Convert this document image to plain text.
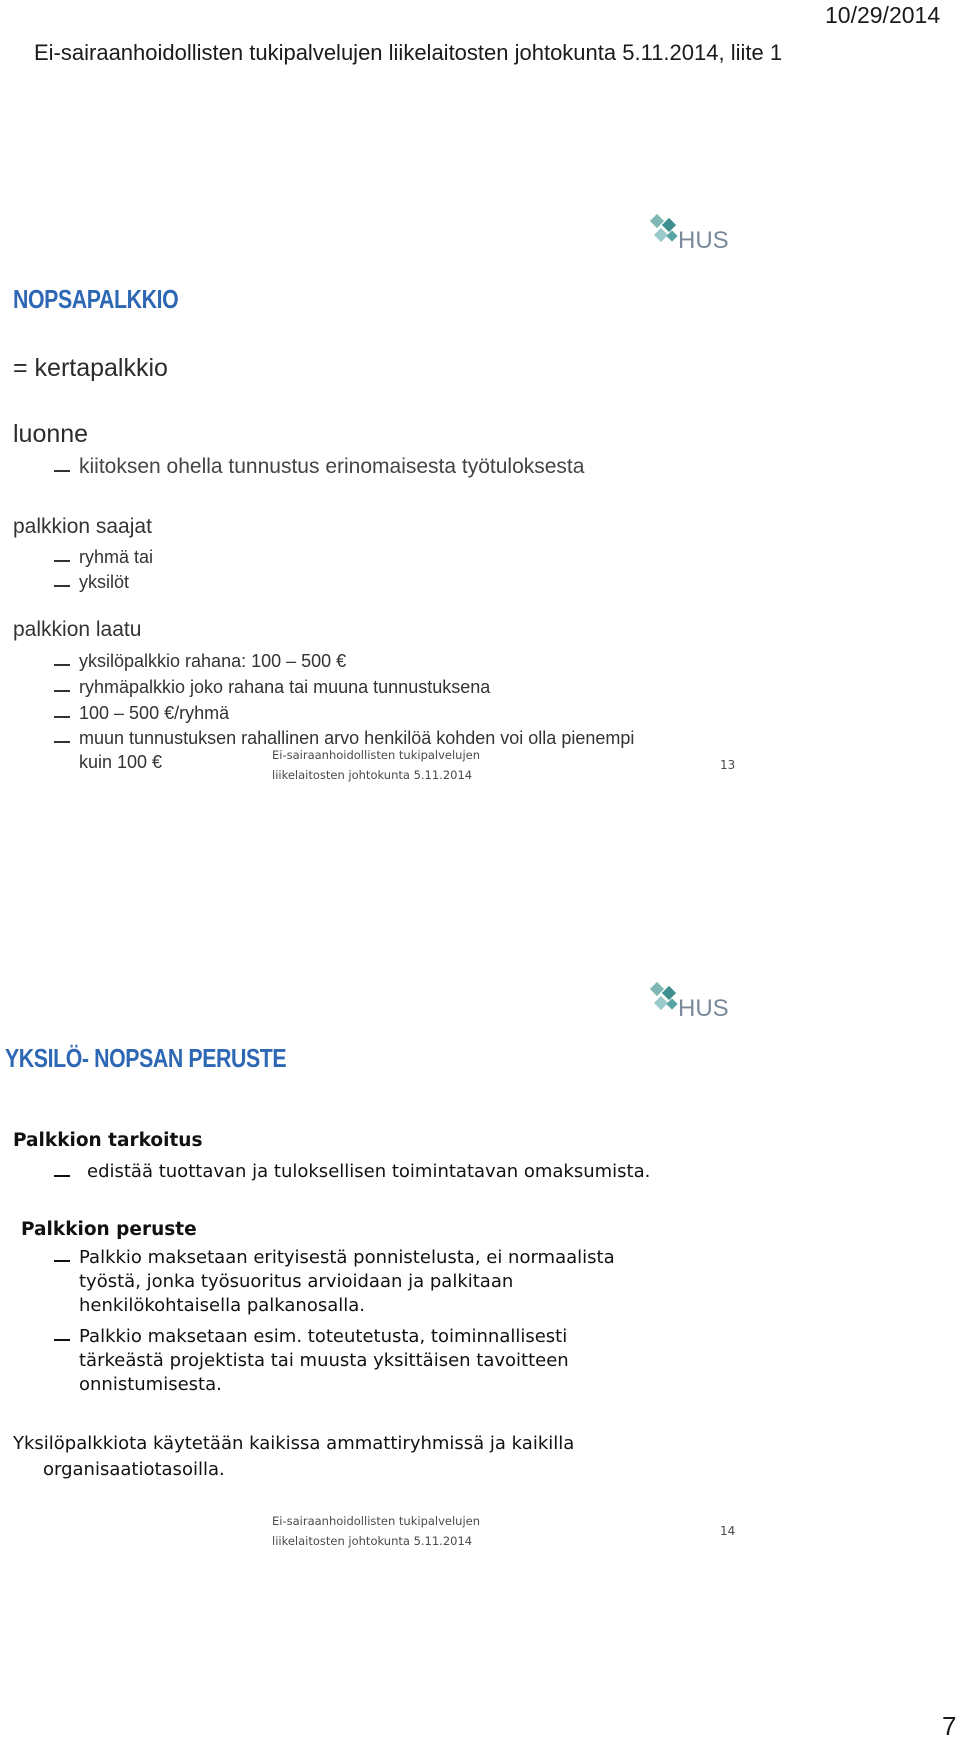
10/29/2014
Ei-sairaanhoidollisten tukipalvelujen liikelaitosten johtokunta 5.11.2014, liite 1
HUS
NOPSAPALKKIO
= kertapalkkio
luonne
kiitoksen ohella tunnustus erinomaisesta työtuloksesta
palkkion saajat
ryhmä tai
yksilöt
palkkion laatu
yksilöpalkkio rahana: 100 – 500 €
ryhmäpalkkio joko rahana tai muuna tunnustuksena
100 – 500 €/ryhmä
muun tunnustuksen rahallinen arvo henkilöä kohden voi olla pienempi
kuin 100 €	Ei-sairaanhoidollisten tukipalvelujen
liikelaitosten johtokunta 5.11.2014
13
HUS
YKSILÖ- NOPSAN PERUSTE
Palkkion tarkoitus
edistää tuottavan ja tuloksellisen toimintatavan omaksumista.
Palkkion peruste
Palkkio maksetaan erityisestä ponnistelusta, ei normaalista
työstä, jonka työsuoritus arvioidaan ja palkitaan
henkilökohtaisella palkanosalla.
Palkkio maksetaan esim. toteutetusta, toiminnallisesti
tärkeästä projektista tai muusta yksittäisen tavoitteen
onnistumisesta.
Yksilöpalkkiota käytetään kaikissa ammattiryhmissä ja kaikilla
organisaatiotasoilla.
Ei-sairaanhoidollisten tukipalvelujen
liikelaitosten johtokunta 5.11.2014
14
7
